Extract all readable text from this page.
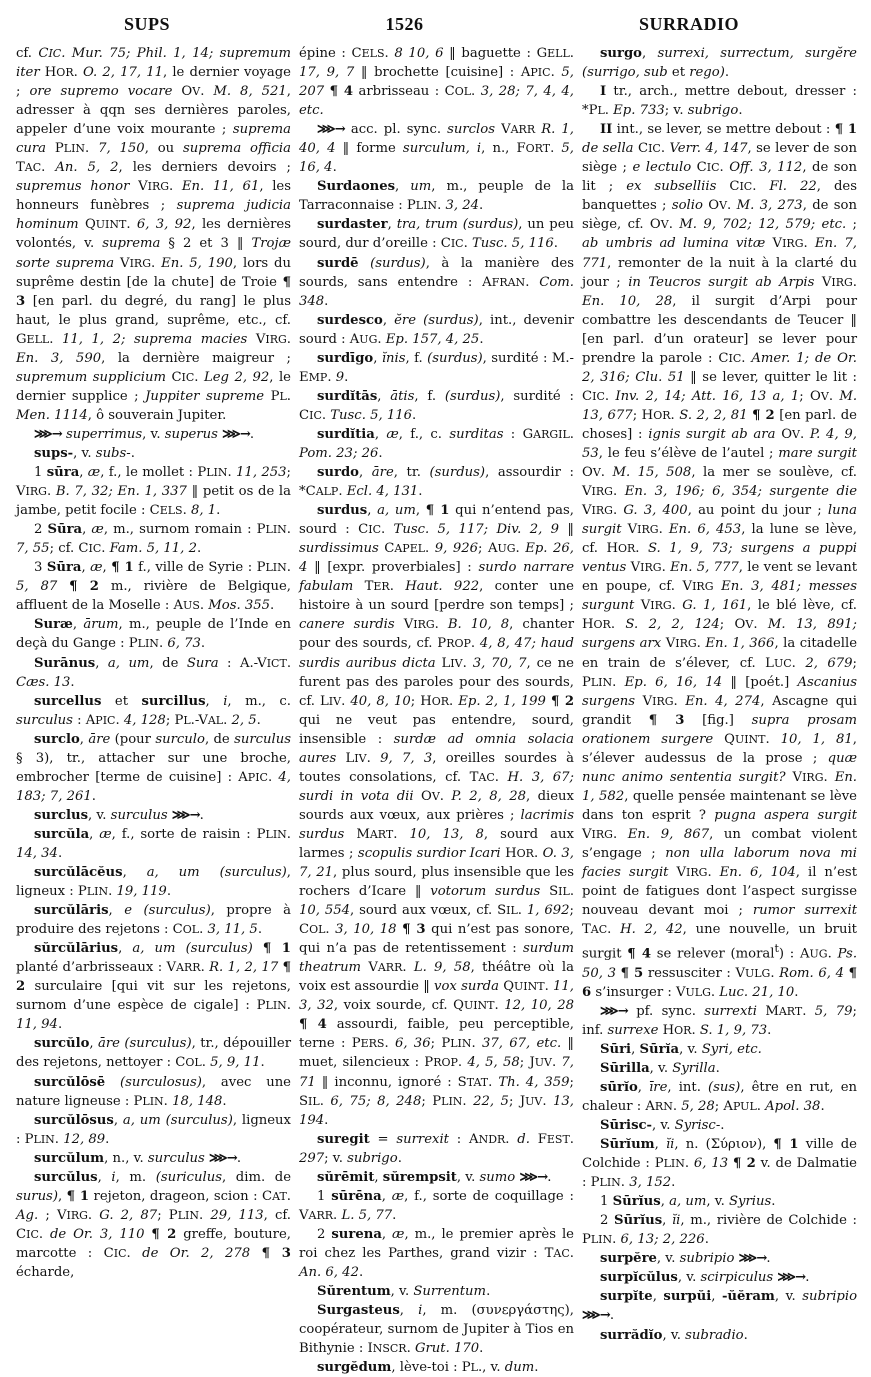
SUPS	1526	SURRADIO

cf. CIC. Mur. 75; Phil. 1, 14; supremum iter HOR. O. 2, 17, 11, le dernier voyage ; ore supremo vocare OV. M. 8, 521, adresser à qqn ses dernières paroles, appeler d’une voix mourante ; suprema cura PLIN. 7, 150, ou suprema officia TAC. An. 5, 2, les derniers devoirs ; supremus honor VIRG. En. 11, 61, les honneurs funèbres ; suprema judicia hominum QUINT. 6, 3, 92, les dernières volontés, v. suprema § 2 et 3 ‖ Trojæ sorte suprema VIRG. En. 5, 190, lors du suprême destin [de la chute] de Troie ¶ 3 [en parl. du degré, du rang] le plus haut, le plus grand, suprême, etc., cf. GELL. 11, 1, 2; suprema macies VIRG. En. 3, 590, la dernière maigreur ; supremum supplicium CIC. Leg 2, 92, le dernier supplice ; Juppiter supreme PL. Men. 1114, ô souverain Jupiter.

⋙→ superrimus, v. superus ⋙→.

sups-, v. subs-.

1 sūra, æ, f., le mollet : PLIN. 11, 253; VIRG. B. 7, 32; En. 1, 337 ‖ petit os de la jambe, petit focile : CELS. 8, 1.

2 Sūra, æ, m., surnom romain : PLIN. 7, 55; cf. CIC. Fam. 5, 11, 2.

3 Sūra, æ, ¶ 1 f., ville de Syrie : PLIN. 5, 87 ¶ 2 m., rivière de Belgique, affluent de la Moselle : AUS. Mos. 355.

Suræ, ārum, m., peuple de l’Inde en deçà du Gange : PLIN. 6, 73.

Surānus, a, um, de Sura : A.-VICT. Cæs. 13.

surcellus et surcillus, i, m., c. surculus : APIC. 4, 128; PL.-VAL. 2, 5.

surclo, āre (pour surculo, de surculus § 3), tr., attacher sur une broche, embrocher [terme de cuisine] : APIC. 4, 183; 7, 261.

surclus, v. surculus ⋙→.

surcŭla, æ, f., sorte de raisin : PLIN. 14, 34.

surcŭlācĕus, a, um (surculus), ligneux : PLIN. 19, 119.

surcŭlāris, e (surculus), propre à produire des rejetons : COL. 3, 11, 5.

sŭrcŭlārius, a, um (surculus) ¶ 1 planté d’arbrisseaux : VARR. R. 1, 2, 17 ¶ 2 surculaire [qui vit sur les rejetons, surnom d’une espèce de cigale] : PLIN. 11, 94.

surcŭlo, āre (surculus), tr., dépouiller des rejetons, nettoyer : COL. 5, 9, 11.

surcŭlōsē (surculosus), avec une nature ligneuse : PLIN. 18, 148.

surcŭlōsus, a, um (surculus), ligneux : PLIN. 12, 89.

surcŭlum, n., v. surculus ⋙→.

surcŭlus, i, m. (suriculus, dim. de surus), ¶ 1 rejeton, drageon, scion : CAT. Ag. ; VIRG. G. 2, 87; PLIN. 29, 113, cf. CIC. de Or. 3, 110 ¶ 2 greffe, bouture, marcotte : CIC. de Or. 2, 278 ¶ 3 écharde,

épine : CELS. 8 10, 6 ‖ baguette : GELL. 17, 9, 7 ‖ brochette [cuisine] : APIC. 5, 207 ¶ 4 arbrisseau : COL. 3, 28; 7, 4, 4, etc.

⋙→ acc. pl. sync. surclos VARR R. 1, 40, 4 ‖ forme surculum, i, n., FORT. 5, 16, 4.

Surdaones, um, m., peuple de la Tarraconnaise : PLIN. 3, 24.

surdaster, tra, trum (surdus), un peu sourd, dur d’oreille : CIC. Tusc. 5, 116.

surdē (surdus), à la manière des sourds, sans entendre : AFRAN. Com. 348.

surdesco, ĕre (surdus), int., devenir sourd : AUG. Ep. 157, 4, 25.

surdīgo, ĭnis, f. (surdus), surdité : M.-EMP. 9.

surdĭtās, ātis, f. (surdus), surdité : CIC. Tusc. 5, 116.

surdĭtia, æ, f., c. surditas : GARGIL. Pom. 23; 26.

surdo, āre, tr. (surdus), assourdir : *CALP. Ecl. 4, 131.

surdus, a, um, ¶ 1 qui n’entend pas, sourd : CIC. Tusc. 5, 117; Div. 2, 9 ‖ surdissimus CAPEL. 9, 926; AUG. Ep. 26, 4 ‖ [expr. proverbiales] : surdo narrare fabulam TER. Haut. 922, conter une histoire à un sourd [perdre son temps] ; canere surdis VIRG. B. 10, 8, chanter pour des sourds, cf. PROP. 4, 8, 47; haud surdis auribus dicta LIV. 3, 70, 7, ce ne furent pas des paroles pour des sourds, cf. LIV. 40, 8, 10; HOR. Ep. 2, 1, 199 ¶ 2 qui ne veut pas entendre, sourd, insensible : surdæ ad omnia solacia aures LIV. 9, 7, 3, oreilles sourdes à toutes consolations, cf. TAC. H. 3, 67; surdi in vota dii OV. P. 2, 8, 28, dieux sourds aux vœux, aux prières ; lacrimis surdus MART. 10, 13, 8, sourd aux larmes ; scopulis surdior Icari HOR. O. 3, 7, 21, plus sourd, plus insensible que les rochers d’Icare ‖ votorum surdus SIL. 10, 554, sourd aux vœux, cf. SIL. 1, 692; COL. 3, 10, 18 ¶ 3 qui n’est pas sonore, qui n’a pas de retentissement : surdum theatrum VARR. L. 9, 58, théâtre où la voix est assourdie ‖ vox surda QUINT. 11, 3, 32, voix sourde, cf. QUINT. 12, 10, 28 ¶ 4 assourdi, faible, peu perceptible, terne : PERS. 6, 36; PLIN. 37, 67, etc. ‖ muet, silencieux : PROP. 4, 5, 58; JUV. 7, 71 ‖ inconnu, ignoré : STAT. Th. 4, 359; SIL. 6, 75; 8, 248; PLIN. 22, 5; JUV. 13, 194.

suregit = surrexit : ANDR. d. FEST. 297; v. subrigo.

sŭrēmit, sŭrempsit, v. sumo ⋙→.

1 sūrēna, æ, f., sorte de coquillage : VARR. L. 5, 77.

2 surena, æ, m., le premier après le roi chez les Parthes, grand vizir : TAC. An. 6, 42.

Sŭrentum, v. Surrentum.

Surgasteus, i, m. (συνεργάστης), coopérateur, surnom de Jupiter à Tios en Bithynie : INSCR. Grut. 170.

surgĕdum, lève-toi : PL., v. dum.

surgo, surrexi, surrectum, surgĕre (surrigo, sub et rego).

I tr., arch., mettre debout, dresser : *PL. Ep. 733; v. subrigo.

II int., se lever, se mettre debout : ¶ 1 de sella CIC. Verr. 4, 147, se lever de son siège ; e lectulo CIC. Off. 3, 112, de son lit ; ex subselliis CIC. Fl. 22, des banquettes ; solio OV. M. 3, 273, de son siège, cf. OV. M. 9, 702; 12, 579; etc. ; ab umbris ad lumina vitæ VIRG. En. 7, 771, remonter de la nuit à la clarté du jour ; in Teucros surgit ab Arpis VIRG. En. 10, 28, il surgit d’Arpi pour combattre les descendants de Teucer ‖ [en parl. d’un orateur] se lever pour prendre la parole : CIC. Amer. 1; de Or. 2, 316; Clu. 51 ‖ se lever, quitter le lit : CIC. Inv. 2, 14; Att. 16, 13 a, 1; OV. M. 13, 677; HOR. S. 2, 2, 81 ¶ 2 [en parl. de choses] : ignis surgit ab ara OV. P. 4, 9, 53, le feu s’élève de l’autel ; mare surgit OV. M. 15, 508, la mer se soulève, cf. VIRG. En. 3, 196; 6, 354; surgente die VIRG. G. 3, 400, au point du jour ; luna surgit VIRG. En. 6, 453, la lune se lève, cf. HOR. S. 1, 9, 73; surgens a puppi ventus VIRG. En. 5, 777, le vent se levant en poupe, cf. VIRG En. 3, 481; messes surgunt VIRG. G. 1, 161, le blé lève, cf. HOR. S. 2, 2, 124; OV. M. 13, 891; surgens arx VIRG. En. 1, 366, la citadelle en train de s’élever, cf. LUC. 2, 679; PLIN. Ep. 6, 16, 14 ‖ [poét.] Ascanius surgens VIRG. En. 4, 274, Ascagne qui grandit ¶ 3 [fig.] supra prosam orationem surgere QUINT. 10, 1, 81, s’élever audessus de la prose ; quæ nunc animo sententia surgit? VIRG. En. 1, 582, quelle pensée maintenant se lève dans ton esprit ? pugna aspera surgit VIRG. En. 9, 867, un combat violent s’engage ; non ulla laborum nova mi facies surgit VIRG. En. 6, 104, il n’est point de fatigues dont l’aspect surgisse nouveau devant moi ; rumor surrexit TAC. H. 2, 42, une nouvelle, un bruit surgit ¶ 4 se relever (moral$^t$) : AUG. Ps. 50, 3 ¶ 5 ressusciter : VULG. Rom. 6, 4 ¶ 6 s’insurger : VULG. Luc. 21, 10.

⋙→ pf. sync. surrexti MART. 5, 79; inf. surrexe HOR. S. 1, 9, 73.

Sūri, Sūrĭa, v. Syri, etc.

Sūrilla, v. Syrilla.

sūrĭo, īre, int. (sus), être en rut, en chaleur : ARN. 5, 28; APUL. Apol. 38.

Sūrisc-, v. Syrisc-.

Sūrĭum, ĭi, n. (Σύριον), ¶ 1 ville de Colchide : PLIN. 6, 13 ¶ 2 v. de Dalmatie : PLIN. 3, 152.

1 Sūrĭus, a, um, v. Syrius.

2 Sūrĭus, ĭi, m., rivière de Colchide : PLIN. 6, 13; 2, 226.

surpĕre, v. subripio ⋙→.

surpĭcŭlus, v. scirpiculus ⋙→.

surpĭte, surpŭi, -ŭĕram, v. subripio ⋙→.

surrădĭo, v. subradio.
